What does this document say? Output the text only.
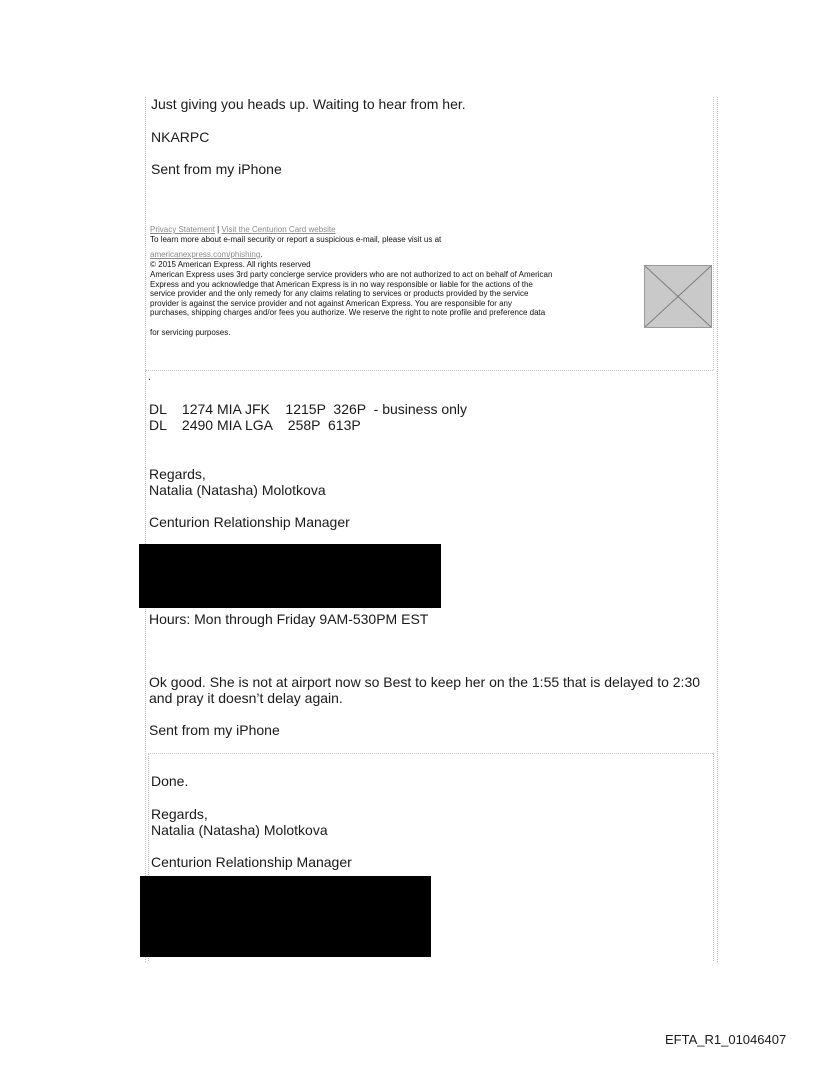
Just giving you heads up. Waiting to hear from her.
NKARPC
Sent from my iPhone
Privacy Statement | Visit the Centurion Card website
To learn more about e-mail security or report a suspicious e-mail, please visit us at
americanexpress.com/phishing.
© 2015 American Express. All rights reserved
American Express uses 3rd party concierge service providers who are not authorized to act on behalf of American
Express and you acknowledge that American Express is in no way responsible or liable for the actions of the
service provider and the only remedy for any claims relating to services or products provided by the service
provider is against the service provider and not against American Express. You are responsible for any
purchases, shipping charges and/or fees you authorize. We reserve the right to note profile and preference data
for servicing purposes.
.
DL    1274 MIA JFK    1215P  326P  - business only
DL    2490 MIA LGA    258P  613P
Regards,
Natalia (Natasha) Molotkova
Centurion Relationship Manager
Hours: Mon through Friday 9AM-530PM EST
Ok good. She is not at airport now so Best to keep her on the 1:55 that is delayed to 2:30
and pray it doesn’t delay again.
Sent from my iPhone
Done.
Regards,
Natalia (Natasha) Molotkova
Centurion Relationship Manager
EFTA_R1_01046407
